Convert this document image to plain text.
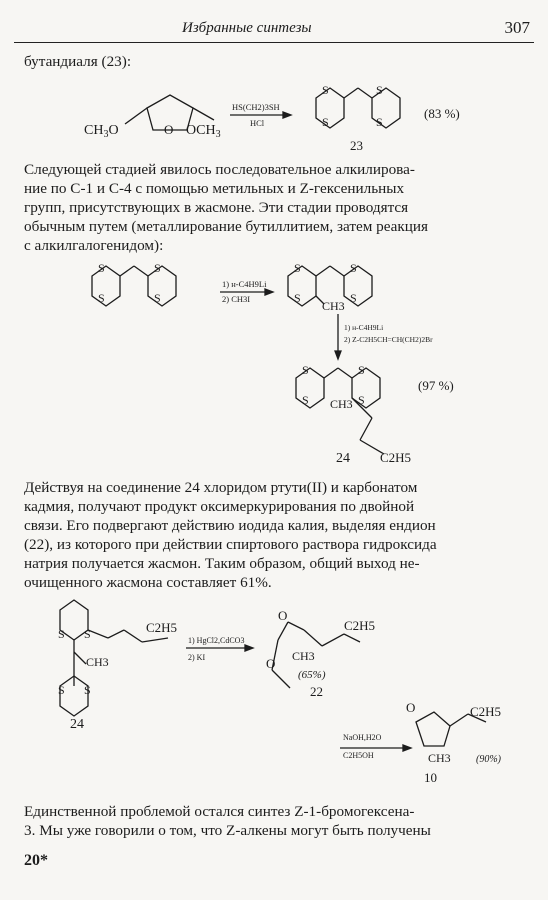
Избранные синтезы	307

бутандиаля (23):

$CH_3O$	O $OCH_3$
HS(CH2)3SH
HCl
S
S
S
S
(83 %)
23

Следующей стадией явилось последовательное алкилирова-
ние по С-1 и С-4 с помощью метильных и Z-гексенильных
групп, присутствующих в жасмоне. Эти стадии проводятся
обычным путем (металлирование бутиллитием, затем реакция
с алкилгалогенидом):

S
S
S
S
1) н-C4H9Li
2) CH3I
S
S
S
S
CH3
1) н-C4H9Li
2) Z-C2H5CH=CH(CH2)2Br
S
S
S
S
CH3
(97 %)
24 C2H5

Действуя на соединение 24 хлоридом ртути(II) и карбонатом
кадмия, получают продукт оксимеркурирования по двойной
связи. Его подвергают действию иодида калия, выделяя ендион
(22), из которого при действии спиртового раствора гидроксида
натрия получается жасмон. Таким образом, общий выход не-
очищенного жасмона составляет 61%.

S S
S S
C2H5
CH3
24
1) HgCl2,CdCO3
2) KI
O
O
C2H5
CH3
(65%)
22
NaOH,H2O
C2H5OH
O	C2H5
CH3	(90%)
10

Единственной проблемой остался синтез Z-1-бромогексена-
3. Мы уже говорили о том, что Z-алкены могут быть получены

20*
